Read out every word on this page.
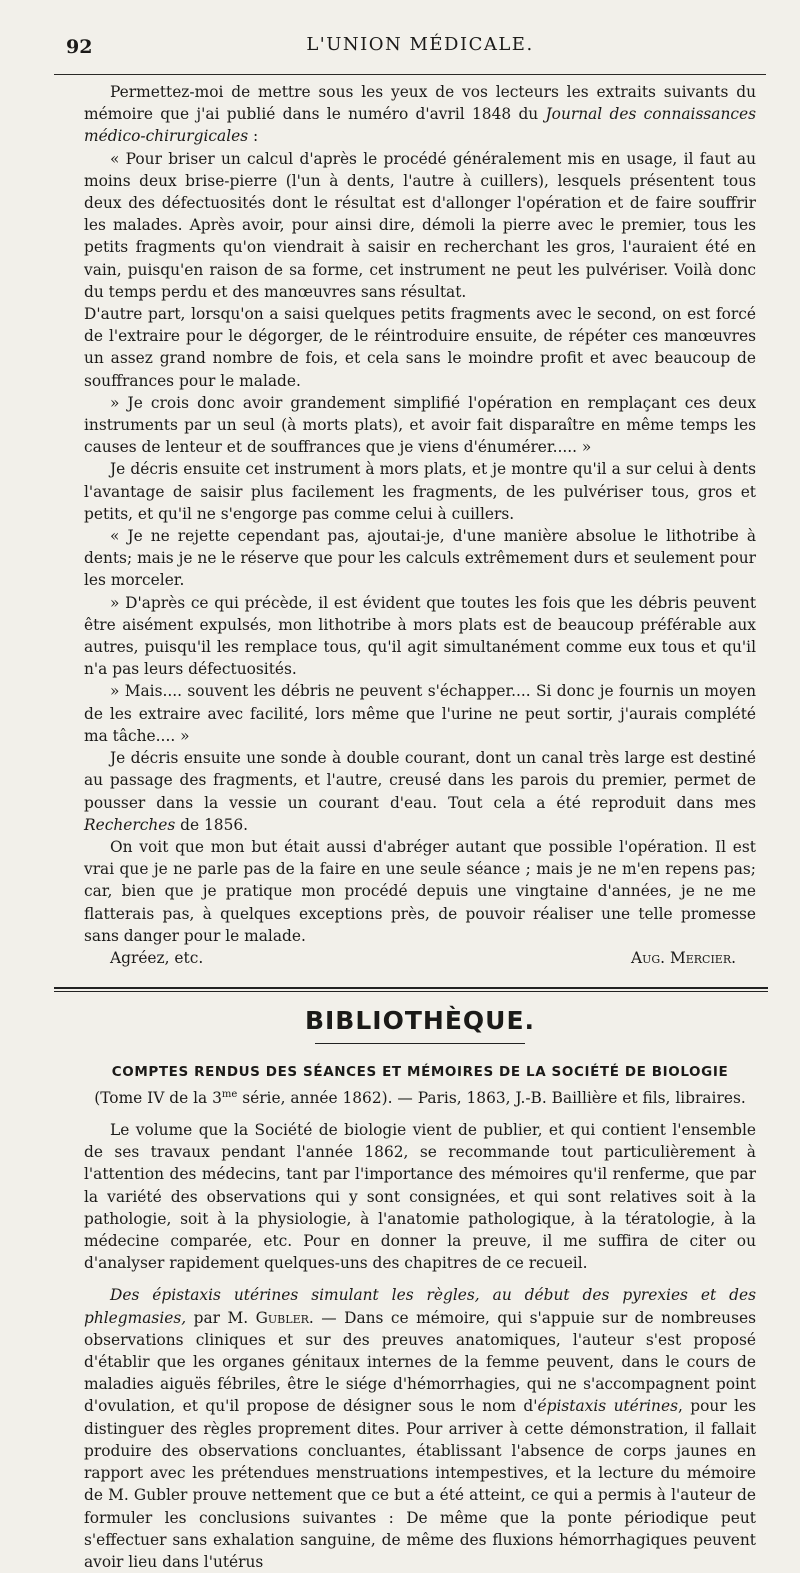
92	L'UNION MÉDICALE.

Permettez-moi de mettre sous les yeux de vos lecteurs les extraits suivants du mémoire que j'ai publié dans le numéro d'avril 1848 du Journal des connaissances médico-chirurgicales :

« Pour briser un calcul d'après le procédé généralement mis en usage, il faut au moins deux brise-pierre (l'un à dents, l'autre à cuillers), lesquels présentent tous deux des défectuosités dont le résultat est d'allonger l'opération et de faire souffrir les malades. Après avoir, pour ainsi dire, démoli la pierre avec le premier, tous les petits fragments qu'on viendrait à saisir en recherchant les gros, l'auraient été en vain, puisqu'en raison de sa forme, cet instrument ne peut les pulvériser. Voilà donc du temps perdu et des manœuvres sans résultat.

D'autre part, lorsqu'on a saisi quelques petits fragments avec le second, on est forcé de l'extraire pour le dégorger, de le réintroduire ensuite, de répéter ces manœuvres un assez grand nombre de fois, et cela sans le moindre profit et avec beaucoup de souffrances pour le malade.

» Je crois donc avoir grandement simplifié l'opération en remplaçant ces deux instruments par un seul (à morts plats), et avoir fait disparaître en même temps les causes de lenteur et de souffrances que je viens d'énumérer..... »

Je décris ensuite cet instrument à mors plats, et je montre qu'il a sur celui à dents l'avantage de saisir plus facilement les fragments, de les pulvériser tous, gros et petits, et qu'il ne s'engorge pas comme celui à cuillers.

« Je ne rejette cependant pas, ajoutai-je, d'une manière absolue le lithotribe à dents; mais je ne le réserve que pour les calculs extrêmement durs et seulement pour les morceler.

» D'après ce qui précède, il est évident que toutes les fois que les débris peuvent être aisément expulsés, mon lithotribe à mors plats est de beaucoup préférable aux autres, puisqu'il les remplace tous, qu'il agit simultanément comme eux tous et qu'il n'a pas leurs défectuosités.

» Mais.... souvent les débris ne peuvent s'échapper.... Si donc je fournis un moyen de les extraire avec facilité, lors même que l'urine ne peut sortir, j'aurais complété ma tâche.... »

Je décris ensuite une sonde à double courant, dont un canal très large est destiné au passage des fragments, et l'autre, creusé dans les parois du premier, permet de pousser dans la vessie un courant d'eau. Tout cela a été reproduit dans mes Recherches de 1856.

On voit que mon but était aussi d'abréger autant que possible l'opération. Il est vrai que je ne parle pas de la faire en une seule séance ; mais je ne m'en repens pas; car, bien que je pratique mon procédé depuis une vingtaine d'années, je ne me flatterais pas, à quelques exceptions près, de pouvoir réaliser une telle promesse sans danger pour le malade.

Agréez, etc.	Aug. Mercier.
BIBLIOTHÈQUE.
COMPTES RENDUS DES SÉANCES ET MÉMOIRES DE LA SOCIÉTÉ DE BIOLOGIE
(Tome IV de la $3^{me}$ série, année 1862). — Paris, 1863, J.-B. Baillière et fils, libraires.

Le volume que la Société de biologie vient de publier, et qui contient l'ensemble de ses travaux pendant l'année 1862, se recommande tout particulièrement à l'attention des médecins, tant par l'importance des mémoires qu'il renferme, que par la variété des observations qui y sont consignées, et qui sont relatives soit à la pathologie, soit à la physiologie, à l'anatomie pathologique, à la tératologie, à la médecine comparée, etc. Pour en donner la preuve, il me suffira de citer ou d'analyser rapidement quelques-uns des chapitres de ce recueil.

Des épistaxis utérines simulant les règles, au début des pyrexies et des phlegmasies, par M. Gubler. — Dans ce mémoire, qui s'appuie sur de nombreuses observations cliniques et sur des preuves anatomiques, l'auteur s'est proposé d'établir que les organes génitaux internes de la femme peuvent, dans le cours de maladies aiguës fébriles, être le siége d'hémorrhagies, qui ne s'accompagnent point d'ovulation, et qu'il propose de désigner sous le nom d'épistaxis utérines, pour les distinguer des règles proprement dites. Pour arriver à cette démonstration, il fallait produire des observations concluantes, établissant l'absence de corps jaunes en rapport avec les prétendues menstruations intempestives, et la lecture du mémoire de M. Gubler prouve nettement que ce but a été atteint, ce qui a permis à l'auteur de formuler les conclusions suivantes : De même que la ponte périodique peut s'effectuer sans exhalation sanguine, de même des fluxions hémorrhagiques peuvent avoir lieu dans l'utérus
